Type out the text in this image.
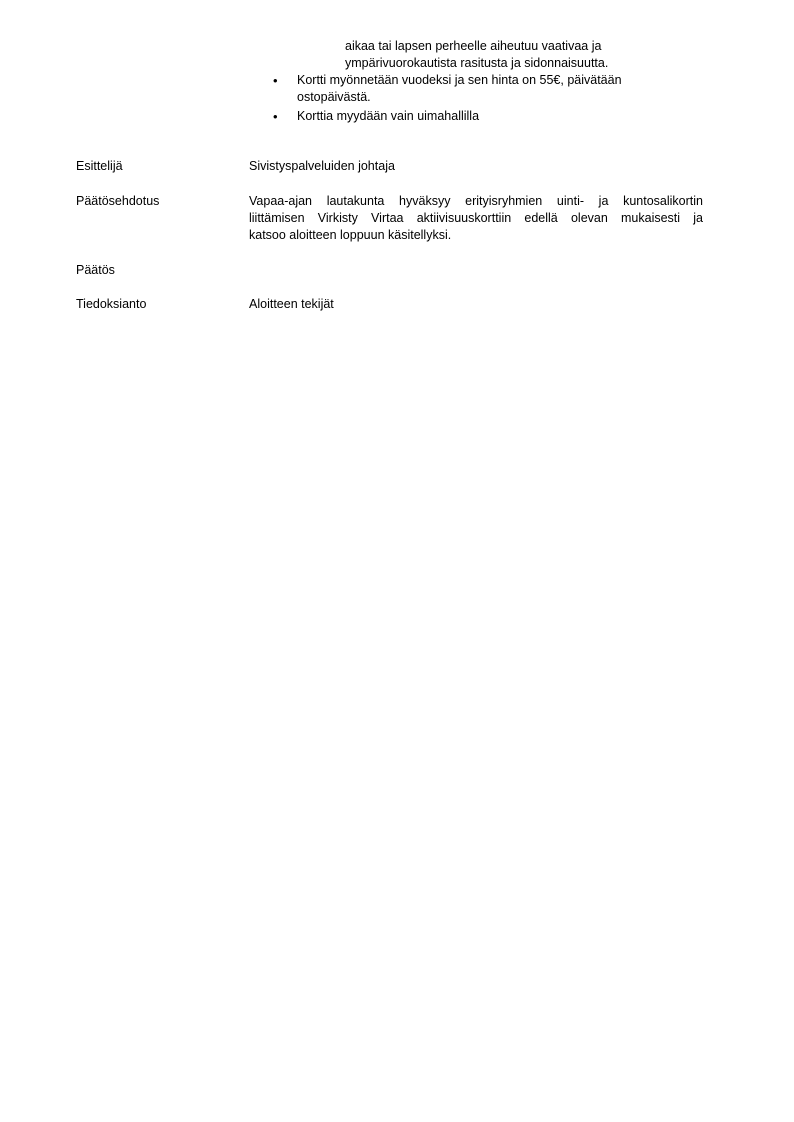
aikaa tai lapsen perheelle aiheutuu vaativaa ja
ympärivuorokautista rasitusta ja sidonnaisuutta.
•	Kortti myönnetään vuodeksi ja sen hinta on 55€, päivätään
ostopäivästä.
•	Korttia myydään vain uimahallilla
Esittelijä	Sivistyspalveluiden johtaja
Päätösehdotus	Vapaa-ajan lautakunta hyväksyy erityisryhmien uinti- ja kuntosalikortin
liittämisen Virkisty Virtaa aktiivisuuskorttiin edellä olevan mukaisesti ja
katsoo aloitteen loppuun käsitellyksi.
Päätös
Tiedoksianto	Aloitteen tekijät
